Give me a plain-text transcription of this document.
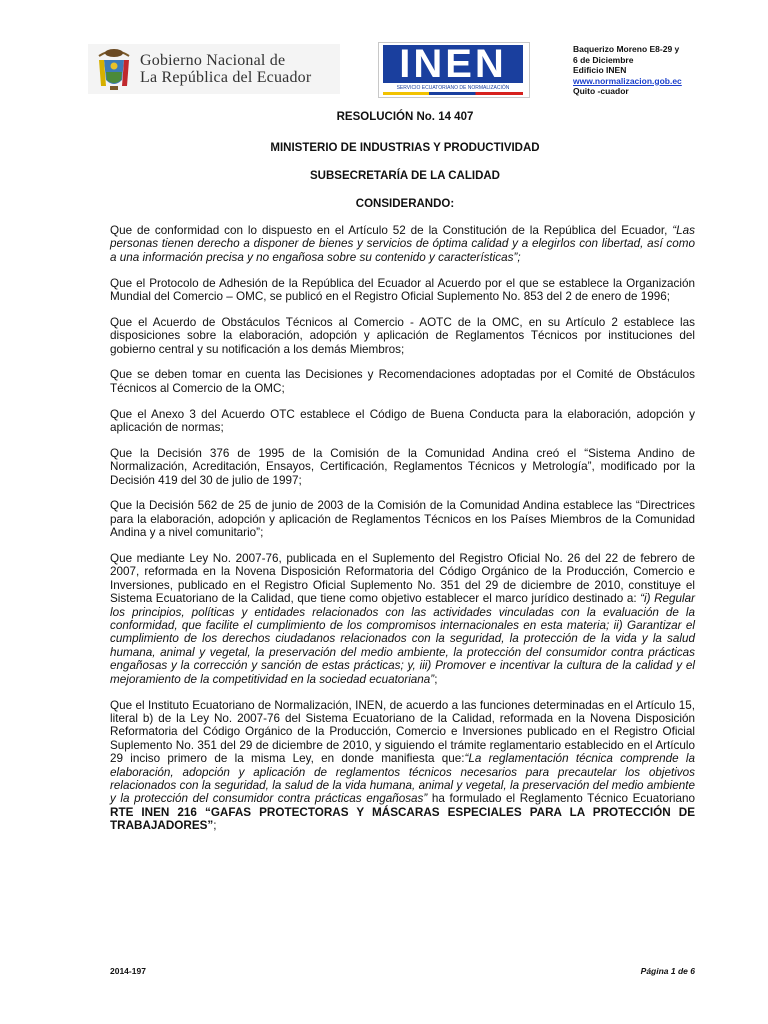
Gobierno Nacional de
La República del Ecuador	INEN
SERVICIO ECUATORIANO DE NORMALIZACIÓN
Baquerizo Moreno E8-29 y
6 de Diciembre
Edificio INEN
www.normalizacion.gob.ec
Quito -cuador
RESOLUCIÓN No. 14 407
MINISTERIO DE INDUSTRIAS Y PRODUCTIVIDAD
SUBSECRETARÍA DE LA CALIDAD
CONSIDERANDO:

Que de conformidad con lo dispuesto en el Artículo 52 de la Constitución de la República del Ecuador, “Las personas tienen derecho a disponer de bienes y servicios de óptima calidad y a elegirlos con libertad, así como a una información precisa y no engañosa sobre su contenido y características”;

Que el Protocolo de Adhesión de la República del Ecuador al Acuerdo por el que se establece la Organización Mundial del Comercio – OMC, se publicó en el Registro Oficial Suplemento No. 853 del 2 de enero de 1996;

Que el Acuerdo de Obstáculos Técnicos al Comercio - AOTC de la OMC, en su Artículo 2 establece las disposiciones sobre la elaboración, adopción y aplicación de Reglamentos Técnicos por instituciones del gobierno central y su notificación a los demás Miembros;

Que se deben tomar en cuenta las Decisiones y Recomendaciones adoptadas por el Comité de Obstáculos Técnicos al Comercio de la OMC;

Que el Anexo 3 del Acuerdo OTC establece el Código de Buena Conducta para la elaboración, adopción y aplicación de normas;

Que la Decisión 376 de 1995 de la Comisión de la Comunidad Andina creó el “Sistema Andino de Normalización, Acreditación, Ensayos, Certificación, Reglamentos Técnicos y Metrología”, modificado por la Decisión 419 del 30 de julio de 1997;

Que la Decisión 562 de 25 de junio de 2003 de la Comisión de la Comunidad Andina establece las “Directrices para la elaboración, adopción y aplicación de Reglamentos Técnicos en los Países Miembros de la Comunidad Andina y a nivel comunitario”;

Que mediante Ley No. 2007-76, publicada en el Suplemento del Registro Oficial No. 26 del 22 de febrero de 2007, reformada en la Novena Disposición Reformatoria del Código Orgánico de la Producción, Comercio e Inversiones, publicado en el Registro Oficial Suplemento No. 351 del 29 de diciembre de 2010, constituye el Sistema Ecuatoriano de la Calidad, que tiene como objetivo establecer el marco jurídico destinado a: “i) Regular los principios, políticas y entidades relacionados con las actividades vinculadas con la evaluación de la conformidad, que facilite el cumplimiento de los compromisos internacionales en esta materia; ii) Garantizar el cumplimiento de los derechos ciudadanos relacionados con la seguridad, la protección de la vida y la salud humana, animal y vegetal, la preservación del medio ambiente, la protección del consumidor contra prácticas engañosas y la corrección y sanción de estas prácticas; y, iii) Promover e incentivar la cultura de la calidad y el mejoramiento de la competitividad en la sociedad ecuatoriana”;

Que el Instituto Ecuatoriano de Normalización, INEN, de acuerdo a las funciones determinadas en el Artículo 15, literal b) de la Ley No. 2007-76 del Sistema Ecuatoriano de la Calidad, reformada en la Novena Disposición Reformatoria del Código Orgánico de la Producción, Comercio e Inversiones publicado en el Registro Oficial Suplemento No. 351 del 29 de diciembre de 2010, y siguiendo el trámite reglamentario establecido en el Artículo 29 inciso primero de la misma Ley, en donde manifiesta que:“La reglamentación técnica comprende la elaboración, adopción y aplicación de reglamentos técnicos necesarios para precautelar los objetivos relacionados con la seguridad, la salud de la vida humana, animal y vegetal, la preservación del medio ambiente y la protección del consumidor contra prácticas engañosas” ha formulado el Reglamento Técnico Ecuatoriano RTE INEN 216 “GAFAS PROTECTORAS Y MÁSCARAS ESPECIALES PARA LA PROTECCIÓN DE TRABAJADORES”;

2014-197	Página 1 de 6
